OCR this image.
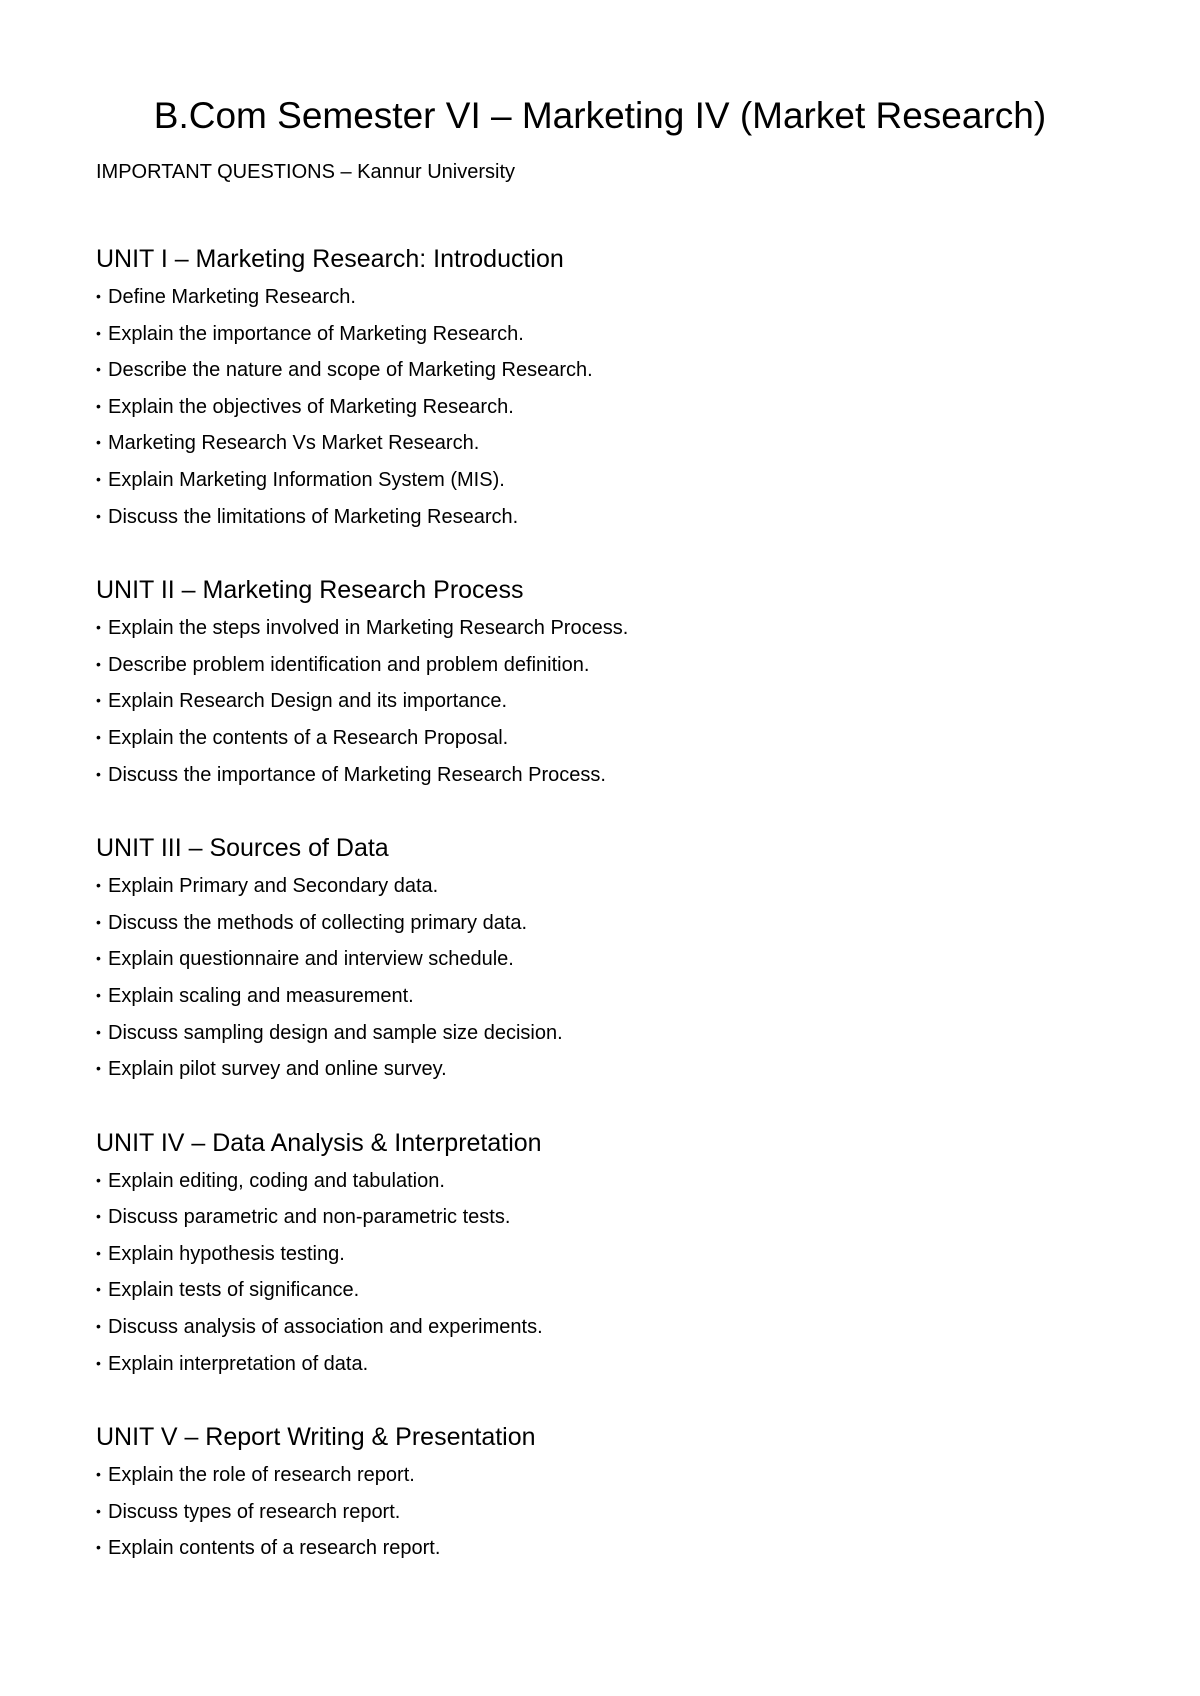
B.Com Semester VI – Marketing IV (Market Research)

IMPORTANT QUESTIONS – Kannur University

UNIT I – Marketing Research: Introduction
• Define Marketing Research.
• Explain the importance of Marketing Research.
• Describe the nature and scope of Marketing Research.
• Explain the objectives of Marketing Research.
• Marketing Research Vs Market Research.
• Explain Marketing Information System (MIS).
• Discuss the limitations of Marketing Research.
UNIT II – Marketing Research Process
• Explain the steps involved in Marketing Research Process.
• Describe problem identification and problem definition.
• Explain Research Design and its importance.
• Explain the contents of a Research Proposal.
• Discuss the importance of Marketing Research Process.
UNIT III – Sources of Data
• Explain Primary and Secondary data.
• Discuss the methods of collecting primary data.
• Explain questionnaire and interview schedule.
• Explain scaling and measurement.
• Discuss sampling design and sample size decision.
• Explain pilot survey and online survey.
UNIT IV – Data Analysis & Interpretation
• Explain editing, coding and tabulation.
• Discuss parametric and non-parametric tests.
• Explain hypothesis testing.
• Explain tests of significance.
• Discuss analysis of association and experiments.
• Explain interpretation of data.
UNIT V – Report Writing & Presentation
• Explain the role of research report.
• Discuss types of research report.
• Explain contents of a research report.
